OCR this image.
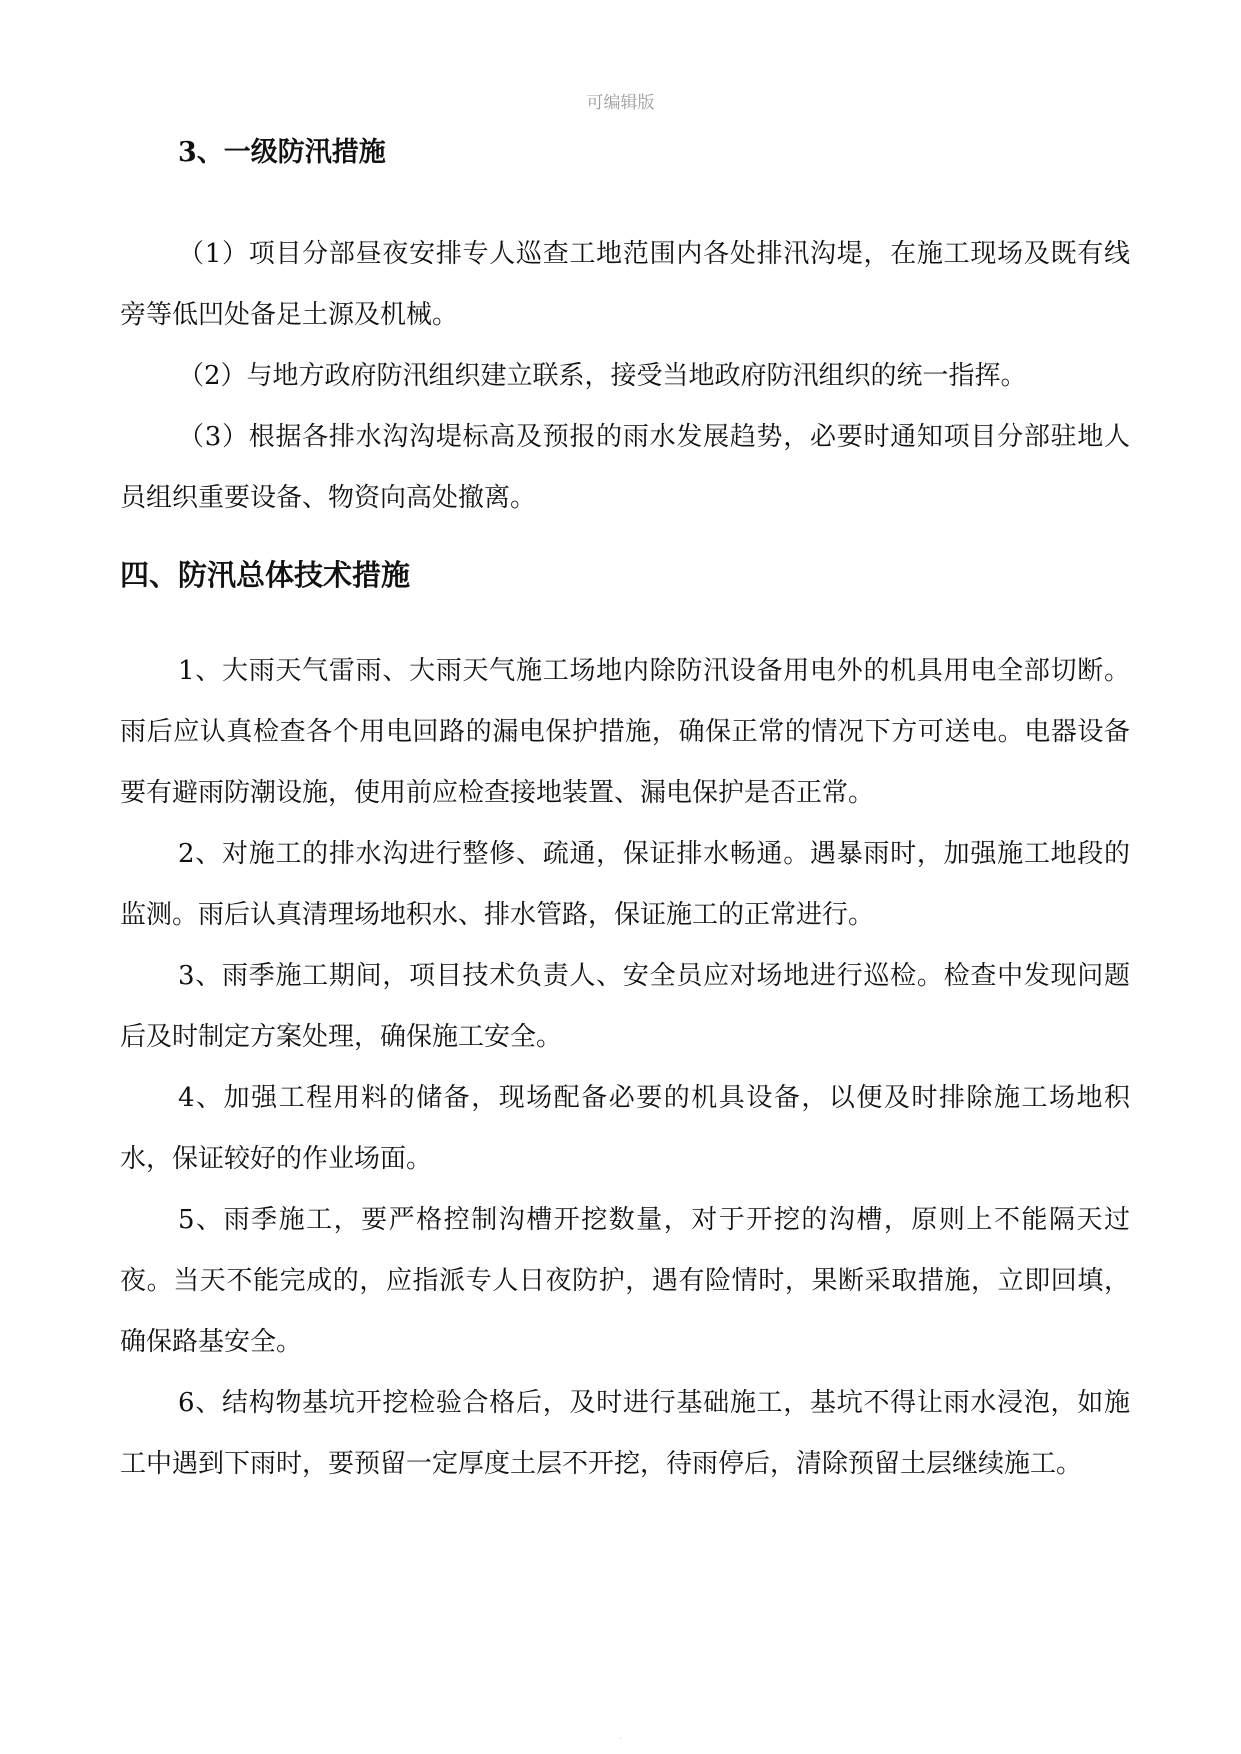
可编辑版
3、一级防汛措施

（1）项目分部昼夜安排专人巡查工地范围内各处排汛沟堤，在施工现场及既有线旁等低凹处备足土源及机械。

（2）与地方政府防汛组织建立联系，接受当地政府防汛组织的统一指挥。

（3）根据各排水沟沟堤标高及预报的雨水发展趋势，必要时通知项目分部驻地人员组织重要设备、物资向高处撤离。

四、防汛总体技术措施

1、大雨天气雷雨、大雨天气施工场地内除防汛设备用电外的机具用电全部切断。雨后应认真检查各个用电回路的漏电保护措施，确保正常的情况下方可送电。电器设备要有避雨防潮设施，使用前应检查接地装置、漏电保护是否正常。

2、对施工的排水沟进行整修、疏通，保证排水畅通。遇暴雨时，加强施工地段的监测。雨后认真清理场地积水、排水管路，保证施工的正常进行。

3、雨季施工期间，项目技术负责人、安全员应对场地进行巡检。检查中发现问题后及时制定方案处理，确保施工安全。

4、加强工程用料的储备，现场配备必要的机具设备，以便及时排除施工场地积水，保证较好的作业场面。

5、雨季施工，要严格控制沟槽开挖数量，对于开挖的沟槽，原则上不能隔天过夜。当天不能完成的，应指派专人日夜防护，遇有险情时，果断采取措施，立即回填，确保路基安全。

6、结构物基坑开挖检验合格后，及时进行基础施工，基坑不得让雨水浸泡，如施工中遇到下雨时，要预留一定厚度土层不开挖，待雨停后，清除预留土层继续施工。

·
